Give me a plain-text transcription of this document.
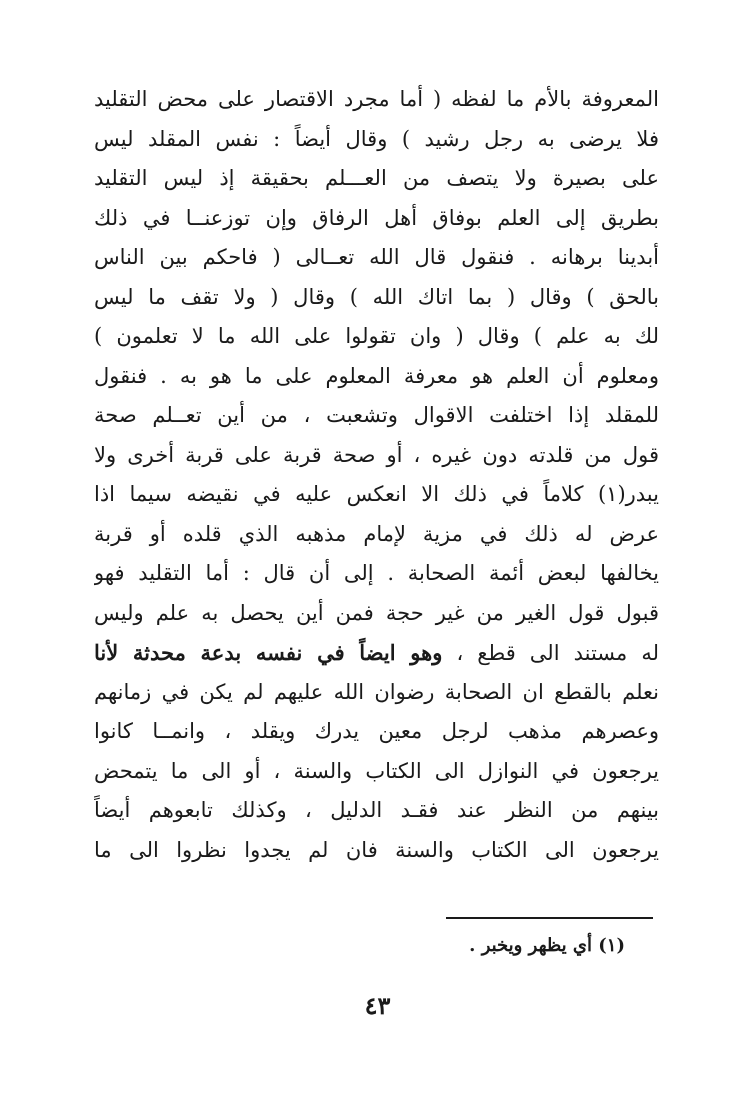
المعروفة بالأم ما لفظه ( أما مجرد الاقتصار على محض التقليد
فلا يرضى به رجل رشيد ) وقال أيضاً : نفس المقلد ليس
على بصيرة ولا يتصف من العـــلم بحقيقة إذ ليس التقليد
بطريق إلى العلم بوفاق أهل الرفاق وإن توزعنــا في ذلك
أبدينا برهانه . فنقول قال الله تعــالى ( فاحكم بين الناس
بالحق ) وقال ( بما اتاك الله ) وقال ( ولا تقف ما ليس
لك به علم ) وقال ( وان تقولوا على الله ما لا تعلمون )
ومعلوم أن العلم هو معرفة المعلوم على ما هو به . فنقول
للمقلد إذا اختلفت الاقوال وتشعبت ، من أين تعــلم صحة
قول من قلدته دون غيره ، أو صحة قربة على قربة أخرى ولا
يبدر(١) كلاماً في ذلك الا انعكس عليه في نقيضه سيما اذا
عرض له ذلك في مزية لإمام مذهبه الذي قلده أو قربة
يخالفها لبعض أئمة الصحابة . إلى أن قال : أما التقليد فهو
قبول قول الغير من غير حجة فمن أين يحصل به علم وليس
له مستند الى قطع ، وهو ايضاً في نفسه بدعة محدثة لأنا
نعلم بالقطع ان الصحابة رضوان الله عليهم لم يكن في زمانهم
وعصرهم مذهب لرجل معين يدرك ويقلد ، وانمــا كانوا
يرجعون في النوازل الى الكتاب والسنة ، أو الى ما يتمحض
بينهم من النظر عند فقـد الدليل ، وكذلك تابعوهم أيضاً
يرجعون الى الكتاب والسنة فان لم يجدوا نظروا الى ما
(١) أي يظهر ويخبر .
٤٣
